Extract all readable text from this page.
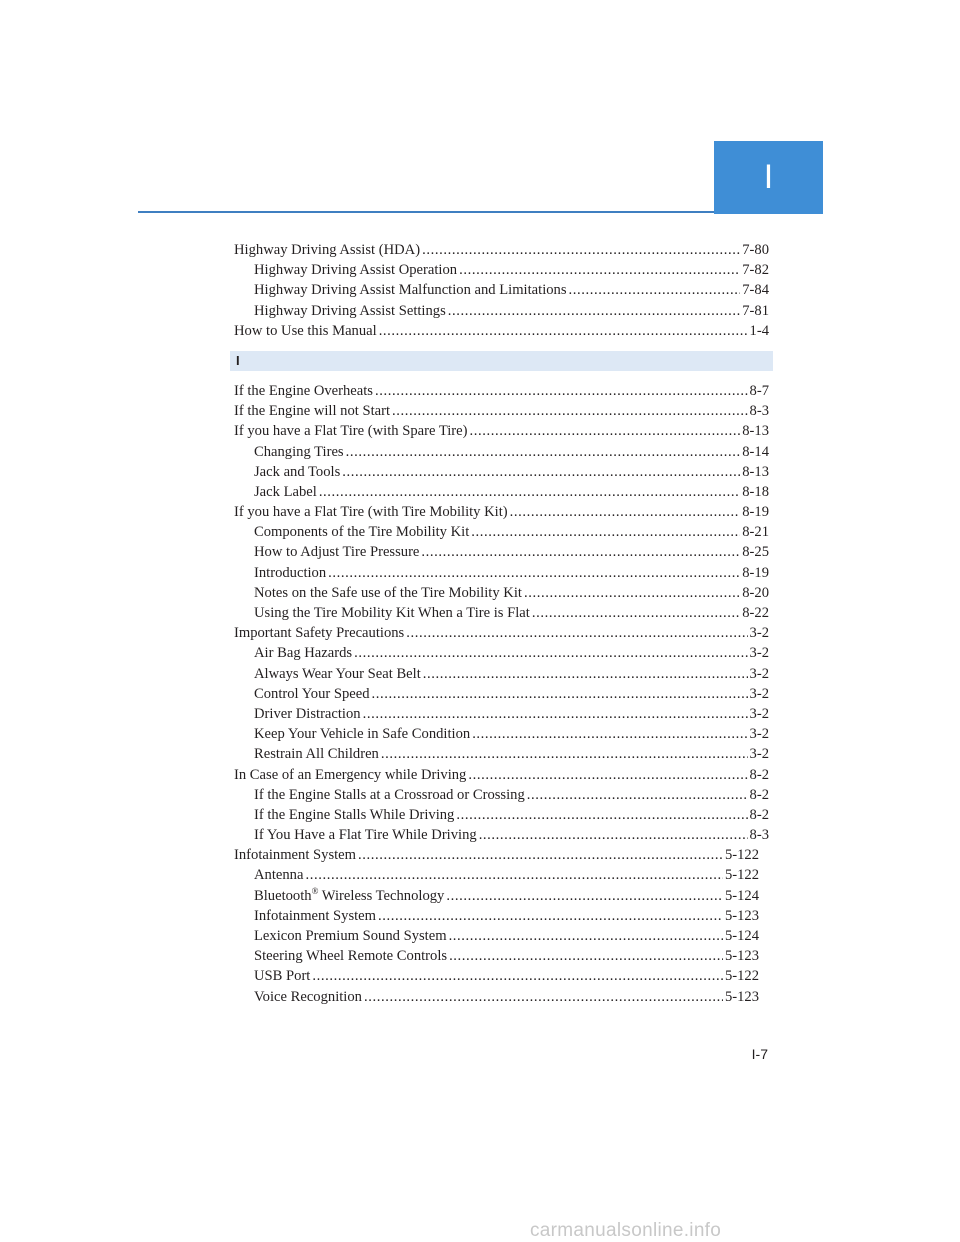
I
Highway Driving Assist (HDA) .....	7-80
Highway Driving Assist Operation .....	7-82
Highway Driving Assist Malfunction and Limitations .....	7-84
Highway Driving Assist Settings .....	7-81
How to Use this Manual .....	1-4
I
If the Engine Overheats .....	8-7
If the Engine will not Start .....	8-3
If you have a Flat Tire (with Spare Tire) .....	8-13
Changing Tires .....	8-14
Jack and Tools .....	8-13
Jack Label .....	8-18
If you have a Flat Tire (with Tire Mobility Kit) .....	8-19
Components of the Tire Mobility Kit .....	8-21
How to Adjust Tire Pressure .....	8-25
Introduction .....	8-19
Notes on the Safe use of the Tire Mobility Kit .....	8-20
Using the Tire Mobility Kit When a Tire is Flat .....	8-22
Important Safety Precautions .....	3-2
Air Bag Hazards .....	3-2
Always Wear Your Seat Belt .....	3-2
Control Your Speed .....	3-2
Driver Distraction .....	3-2
Keep Your Vehicle in Safe Condition .....	3-2
Restrain All Children .....	3-2
In Case of an Emergency while Driving .....	8-2
If the Engine Stalls at a Crossroad or Crossing .....	8-2
If the Engine Stalls While Driving .....	8-2
If You Have a Flat Tire While Driving .....	8-3
Infotainment System .....	5-122
Antenna .....	5-122
Bluetooth® Wireless Technology .....	5-124
Infotainment System .....	5-123
Lexicon Premium Sound System .....	5-124
Steering Wheel Remote Controls .....	5-123
USB Port .....	5-122
Voice Recognition .....	5-123
I-7
carmanualsonline.info
